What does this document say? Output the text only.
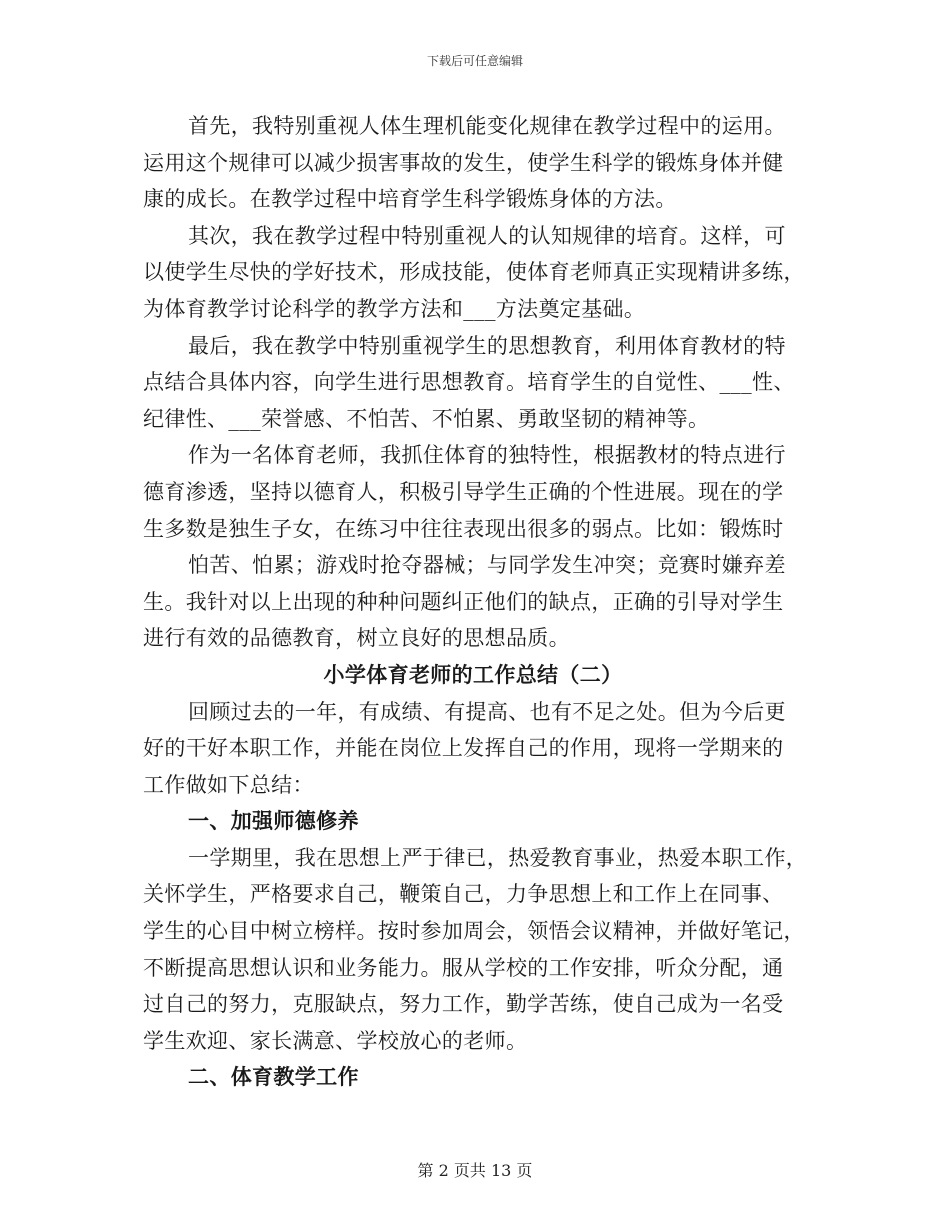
下载后可任意编辑
首先，我特别重视人体生理机能变化规律在教学过程中的运用。
运用这个规律可以减少损害事故的发生，使学生科学的锻炼身体并健
康的成长。在教学过程中培育学生科学锻炼身体的方法。
其次，我在教学过程中特别重视人的认知规律的培育。这样，可
以使学生尽快的学好技术，形成技能，使体育老师真正实现精讲多练，
为体育教学讨论科学的教学方法和___方法奠定基础。
最后，我在教学中特别重视学生的思想教育，利用体育教材的特
点结合具体内容，向学生进行思想教育。培育学生的自觉性、___性、
纪律性、___荣誉感、不怕苦、不怕累、勇敢坚韧的精神等。
作为一名体育老师，我抓住体育的独特性，根据教材的特点进行
德育渗透，坚持以德育人，积极引导学生正确的个性进展。现在的学
生多数是独生子女，在练习中往往表现出很多的弱点。比如：锻炼时
怕苦、怕累；游戏时抢夺器械；与同学发生冲突；竞赛时嫌弃差
生。我针对以上出现的种种问题纠正他们的缺点，正确的引导对学生
进行有效的品德教育，树立良好的思想品质。
小学体育老师的工作总结（二）
回顾过去的一年，有成绩、有提高、也有不足之处。但为今后更
好的干好本职工作，并能在岗位上发挥自己的作用，现将一学期来的
工作做如下总结：
一、加强师德修养
一学期里，我在思想上严于律已，热爱教育事业，热爱本职工作，
关怀学生，严格要求自己，鞭策自己，力争思想上和工作上在同事、
学生的心目中树立榜样。按时参加周会，领悟会议精神，并做好笔记，
不断提高思想认识和业务能力。服从学校的工作安排，听众分配，通
过自己的努力，克服缺点，努力工作，勤学苦练，使自己成为一名受
学生欢迎、家长满意、学校放心的老师。
二、体育教学工作
第 2 页共 13 页
